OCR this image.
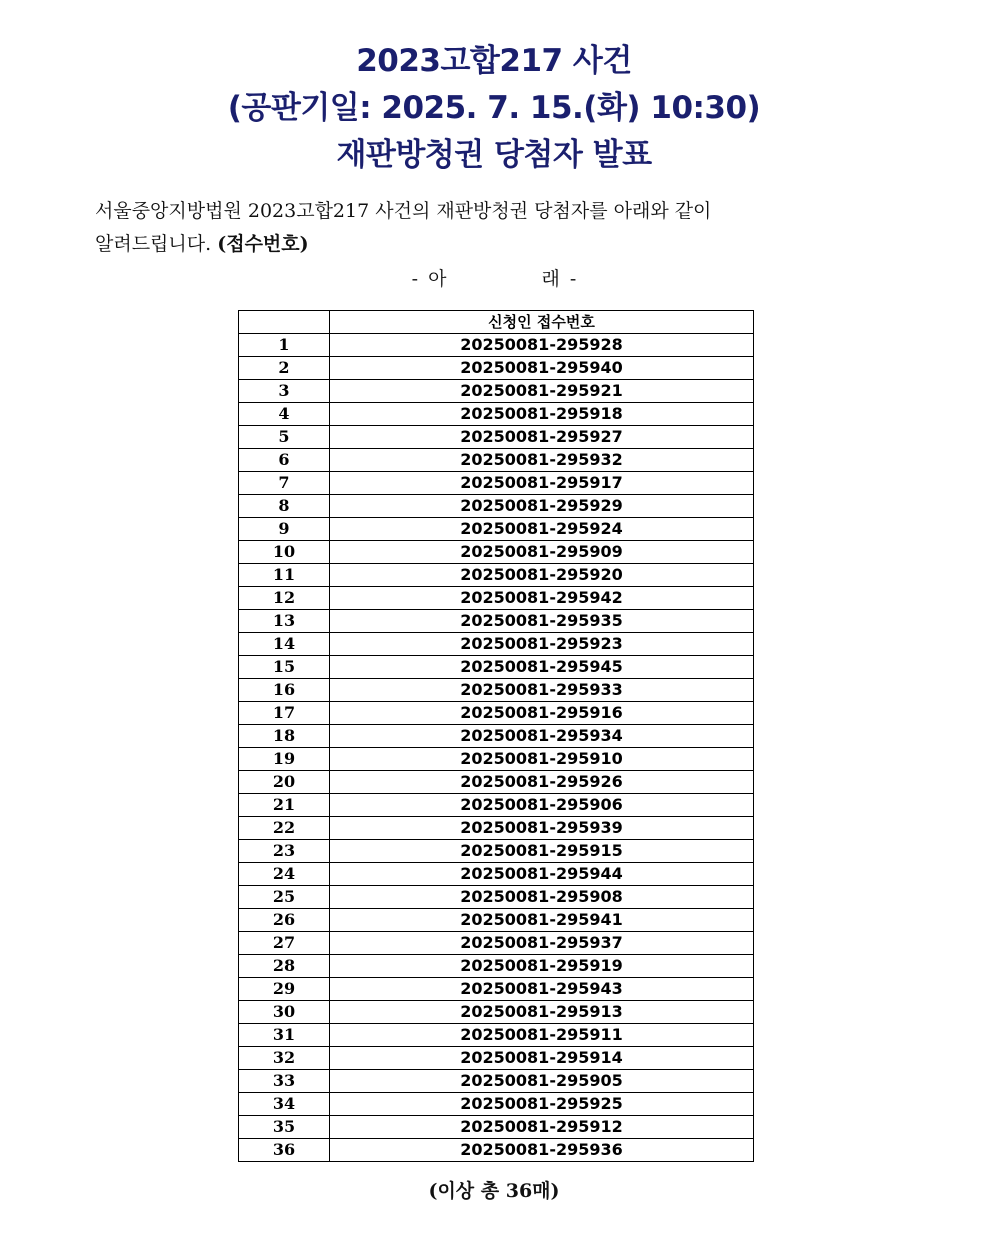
2023고합217 사건
(공판기일: 2025. 7. 15.(화) 10:30)
재판방청권 당첨자 발표
서울중앙지방법원 2023고합217 사건의 재판방청권 당첨자를 아래와 같이
알려드립니다. (접수번호)
- 아	래 -
	신청인 접수번호
1	20250081-295928
2	20250081-295940
3	20250081-295921
4	20250081-295918
5	20250081-295927
6	20250081-295932
7	20250081-295917
8	20250081-295929
9	20250081-295924
10	20250081-295909
11	20250081-295920
12	20250081-295942
13	20250081-295935
14	20250081-295923
15	20250081-295945
16	20250081-295933
17	20250081-295916
18	20250081-295934
19	20250081-295910
20	20250081-295926
21	20250081-295906
22	20250081-295939
23	20250081-295915
24	20250081-295944
25	20250081-295908
26	20250081-295941
27	20250081-295937
28	20250081-295919
29	20250081-295943
30	20250081-295913
31	20250081-295911
32	20250081-295914
33	20250081-295905
34	20250081-295925
35	20250081-295912
36	20250081-295936
(이상 총 36매)
